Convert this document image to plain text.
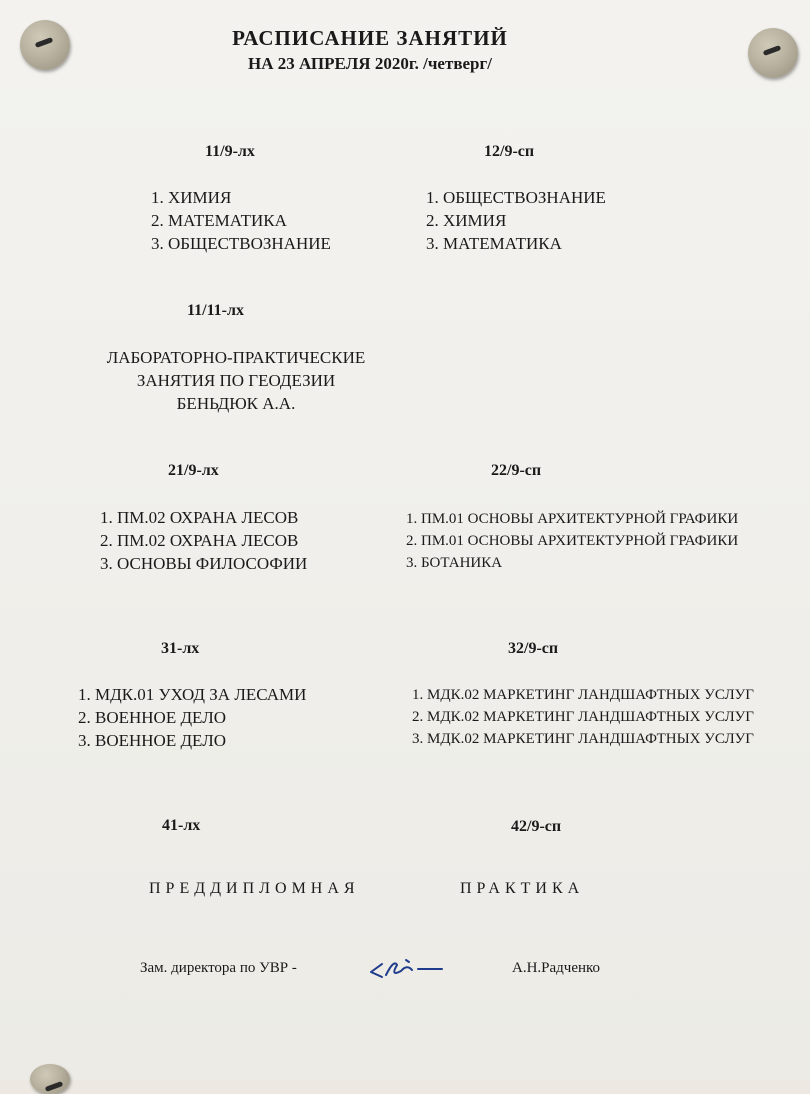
РАСПИСАНИЕ ЗАНЯТИЙ
НА 23 АПРЕЛЯ 2020г. /четверг/
11/9-лх
1. ХИМИЯ
2. МАТЕМАТИКА
3. ОБЩЕСТВОЗНАНИЕ
12/9-сп
1. ОБЩЕСТВОЗНАНИЕ
2. ХИМИЯ
3. МАТЕМАТИКА
11/11-лх
ЛАБОРАТОРНО-ПРАКТИЧЕСКИЕ
ЗАНЯТИЯ ПО ГЕОДЕЗИИ
БЕНЬДЮК А.А.
21/9-лх
1. ПМ.02 ОХРАНА ЛЕСОВ
2. ПМ.02 ОХРАНА ЛЕСОВ
3. ОСНОВЫ ФИЛОСОФИИ
22/9-сп
1. ПМ.01 ОСНОВЫ АРХИТЕКТУРНОЙ ГРАФИКИ
2. ПМ.01 ОСНОВЫ АРХИТЕКТУРНОЙ ГРАФИКИ
3. БОТАНИКА
31-лх
1. МДК.01 УХОД ЗА ЛЕСАМИ
2. ВОЕННОЕ ДЕЛО
3. ВОЕННОЕ ДЕЛО
32/9-сп
1. МДК.02 МАРКЕТИНГ ЛАНДШАФТНЫХ УСЛУГ
2. МДК.02 МАРКЕТИНГ ЛАНДШАФТНЫХ УСЛУГ
3. МДК.02 МАРКЕТИНГ ЛАНДШАФТНЫХ УСЛУГ
41-лх	42/9-сп
ПРЕДДИПЛОМНАЯ	ПРАКТИКА
Зам. директора по УВР -	А.Н.Радченко
